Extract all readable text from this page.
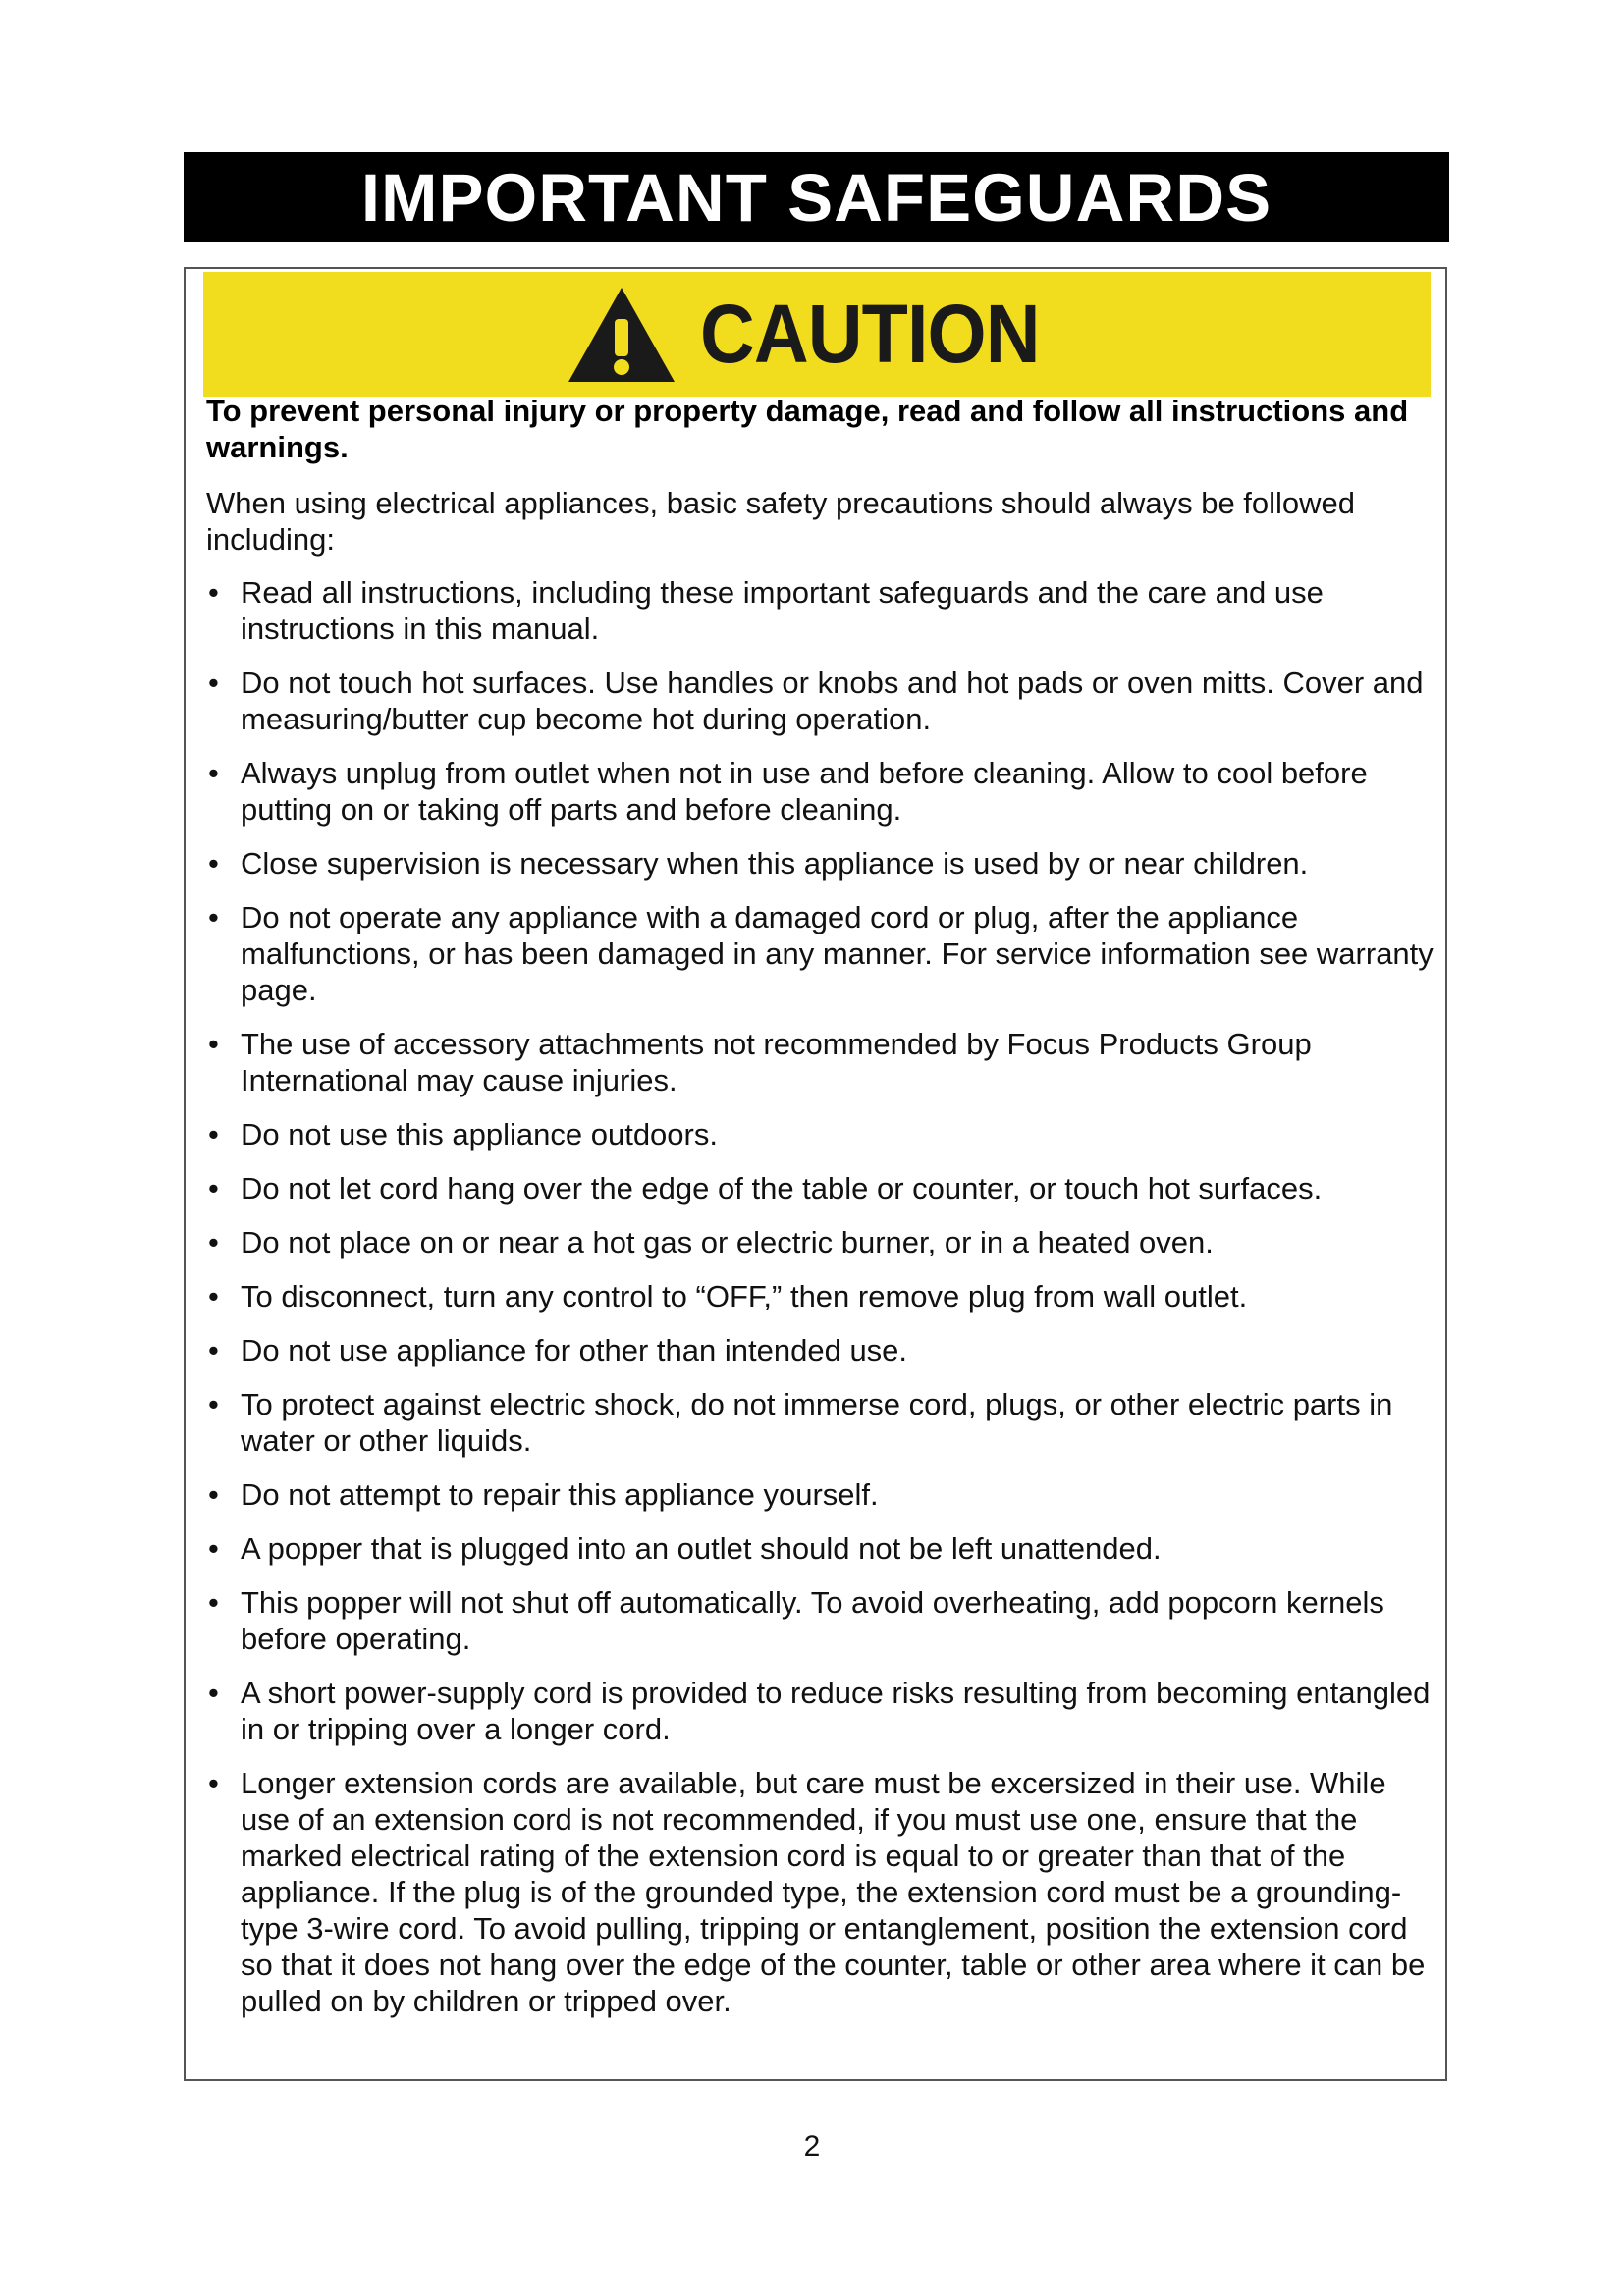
IMPORTANT SAFEGUARDS
CAUTION

To prevent personal injury or property damage, read and follow all instructions and warnings.

When using electrical appliances, basic safety precautions should always be followed including:

• Read all instructions, including these important safeguards and the care and use instructions in this manual.
• Do not touch hot surfaces. Use handles or knobs and hot pads or oven mitts. Cover and measuring/butter cup become hot during operation.
• Always unplug from outlet when not in use and before cleaning. Allow to cool before putting on or taking off parts and before cleaning.
• Close supervision is necessary when this appliance is used by or near children.
• Do not operate any appliance with a damaged cord or plug, after the appliance malfunctions, or has been damaged in any manner. For service information see warranty page.
• The use of accessory attachments not recommended by Focus Products Group International may cause injuries.
• Do not use this appliance outdoors.
• Do not let cord hang over the edge of the table or counter, or touch hot surfaces.
• Do not place on or near a hot gas or electric burner, or in a heated oven.
• To disconnect, turn any control to “OFF,” then remove plug from wall outlet.
• Do not use appliance for other than intended use.
• To protect against electric shock, do not immerse cord, plugs, or other electric parts in water or other liquids.
• Do not attempt to repair this appliance yourself.
• A popper that is plugged into an outlet should not be left unattended.
• This popper will not shut off automatically. To avoid overheating, add popcorn kernels before operating.
• A short power-supply cord is provided to reduce risks resulting from becoming entangled in or tripping over a longer cord.
• Longer extension cords are available, but care must be excersized in their use. While use of an extension cord is not recommended, if you must use one, ensure that the marked electrical rating of the extension cord is equal to or greater than that of the appliance. If the plug is of the grounded type, the extension cord must be a grounding-type 3-wire cord. To avoid pulling, tripping or entanglement, position the extension cord so that it does not hang over the edge of the counter, table or other area where it can be pulled on by children or tripped over.
2
